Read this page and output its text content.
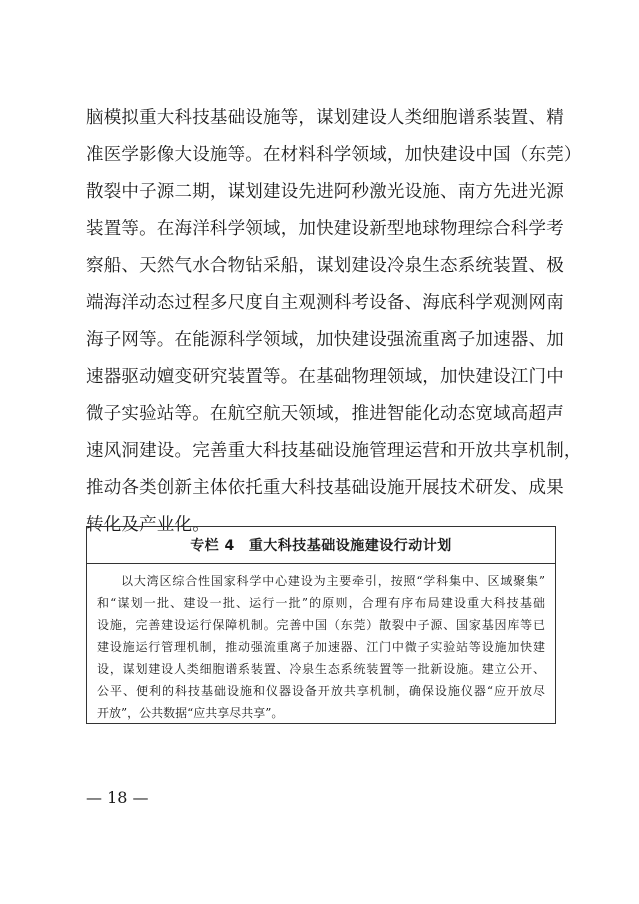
脑模拟重大科技基础设施等，谋划建设人类细胞谱系装置、精
准医学影像大设施等。在材料科学领域，加快建设中国（东莞）
散裂中子源二期，谋划建设先进阿秒激光设施、南方先进光源
装置等。在海洋科学领域，加快建设新型地球物理综合科学考
察船、天然气水合物钻采船，谋划建设冷泉生态系统装置、极
端海洋动态过程多尺度自主观测科考设备、海底科学观测网南
海子网等。在能源科学领域，加快建设强流重离子加速器、加
速器驱动嬗变研究装置等。在基础物理领域，加快建设江门中
微子实验站等。在航空航天领域，推进智能化动态宽域高超声
速风洞建设。完善重大科技基础设施管理运营和开放共享机制，
推动各类创新主体依托重大科技基础设施开展技术研发、成果
转化及产业化。
专栏 4 重大科技基础设施建设行动计划
以大湾区综合性国家科学中心建设为主要牵引，按照“学科集中、区域聚集”
和“谋划一批、建设一批、运行一批”的原则，合理有序布局建设重大科技基础
设施，完善建设运行保障机制。完善中国（东莞）散裂中子源、国家基因库等已
建设施运行管理机制，推动强流重离子加速器、江门中微子实验站等设施加快建
设，谋划建设人类细胞谱系装置、冷泉生态系统装置等一批新设施。建立公开、
公平、便利的科技基础设施和仪器设备开放共享机制，确保设施仪器“应开放尽
开放”，公共数据“应共享尽共享”。
— 18 —
